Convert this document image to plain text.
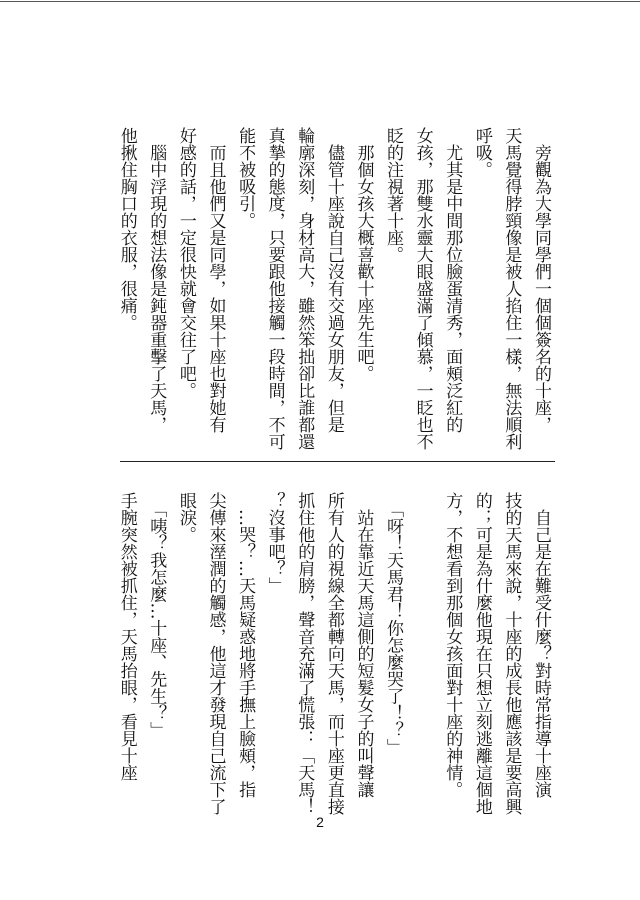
　旁觀為大學同學們一個個簽名的十座，
天馬覺得脖頸像是被人掐住一樣，無法順利
呼吸。
　尤其是中間那位臉蛋清秀，面頰泛紅的
女孩，那雙水靈大眼盛滿了傾慕，一眨也不
眨的注視著十座。
　那個女孩大概喜歡十座先生吧。
　儘管十座說自己沒有交過女朋友，但是
輪廓深刻，身材高大，雖然笨拙卻比誰都還
真摯的態度，只要跟他接觸一段時間，不可
能不被吸引。
　而且他們又是同學，如果十座也對她有
好感的話，一定很快就會交往了吧。
　腦中浮現的想法像是鈍器重擊了天馬，
他揪住胸口的衣服，很痛。
　自己是在難受什麼？對時常指導十座演
技的天馬來說，十座的成長他應該是要高興
的；可是為什麼他現在只想立刻逃離這個地
方，不想看到那個女孩面對十座的神情。
　「呀！天馬君！你怎麼哭了！？」
　站在靠近天馬這側的短髮女子的叫聲讓
所有人的視線全都轉向天馬，而十座更直接
抓住他的肩膀，聲音充滿了慌張：「天馬！
？沒事吧？」
　…哭？…天馬疑惑地將手撫上臉頰，指
尖傳來溼潤的觸感，他這才發現自己流下了
眼淚。
　「咦？我怎麼…十座、先生？」
手腕突然被抓住，天馬抬眼，看見十座
2
